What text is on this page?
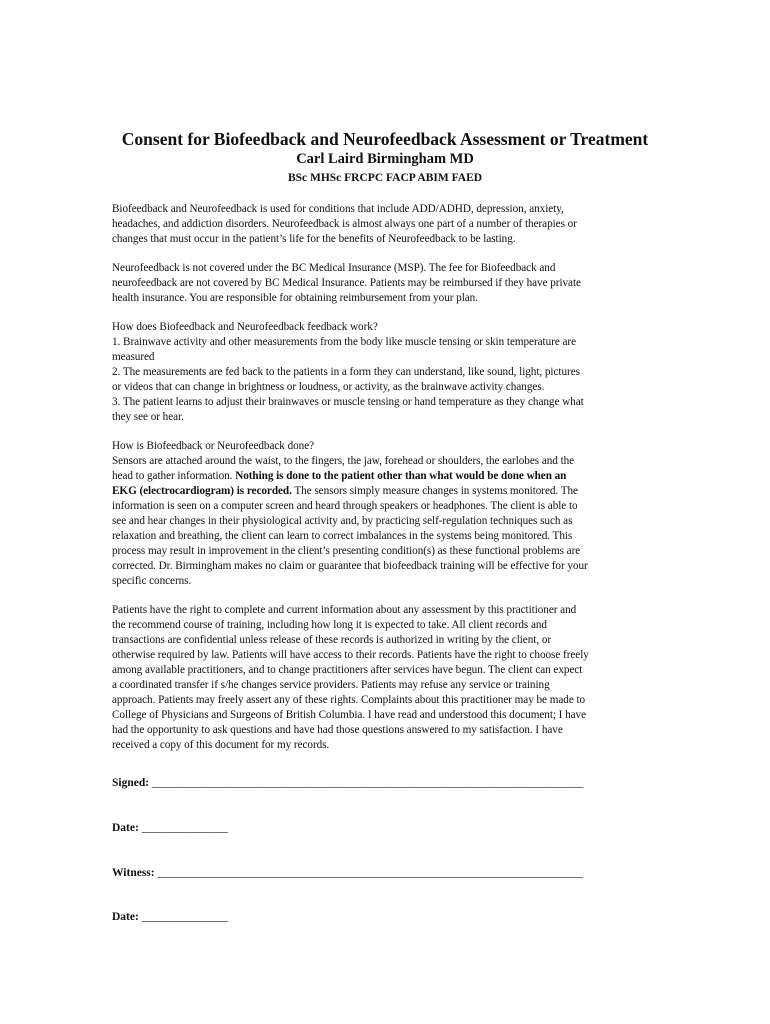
Consent for Biofeedback and Neurofeedback Assessment or Treatment
Carl Laird Birmingham MD
BSc MHSc FRCPC FACP ABIM FAED

Biofeedback and Neurofeedback is used for conditions that include ADD/ADHD, depression, anxiety,
headaches, and addiction disorders. Neurofeedback is almost always one part of a number of therapies or
changes that must occur in the patient’s life for the benefits of Neurofeedback to be lasting.

Neurofeedback is not covered under the BC Medical Insurance (MSP). The fee for Biofeedback and
neurofeedback are not covered by BC Medical Insurance. Patients may be reimbursed if they have private
health insurance. You are responsible for obtaining reimbursement from your plan.

How does Biofeedback and Neurofeedback feedback work?
1. Brainwave activity and other measurements from the body like muscle tensing or skin temperature are
measured
2. The measurements are fed back to the patients in a form they can understand, like sound, light, pictures
or videos that can change in brightness or loudness, or activity, as the brainwave activity changes.
3. The patient learns to adjust their brainwaves or muscle tensing or hand temperature as they change what
they see or hear.

How is Biofeedback or Neurofeedback done?
Sensors are attached around the waist, to the fingers, the jaw, forehead or shoulders, the earlobes and the
head to gather information. Nothing is done to the patient other than what would be done when an
EKG (electrocardiogram) is recorded. The sensors simply measure changes in systems monitored. The
information is seen on a computer screen and heard through speakers or headphones. The client is able to
see and hear changes in their physiological activity and, by practicing self-regulation techniques such as
relaxation and breathing, the client can learn to correct imbalances in the systems being monitored. This
process may result in improvement in the client’s presenting condition(s) as these functional problems are
corrected. Dr. Birmingham makes no claim or guarantee that biofeedback training will be effective for your
specific concerns.

Patients have the right to complete and current information about any assessment by this practitioner and
the recommend course of training, including how long it is expected to take. All client records and
transactions are confidential unless release of these records is authorized in writing by the client, or
otherwise required by law. Patients will have access to their records. Patients have the right to choose freely
among available practitioners, and to change practitioners after services have begun. The client can expect
a coordinated transfer if s/he changes service providers. Patients may refuse any service or training
approach. Patients may freely assert any of these rights. Complaints about this practitioner may be made to
College of Physicians and Surgeons of British Columbia. I have read and understood this document; I have
had the opportunity to ask questions and have had those questions answered to my satisfaction. I have
received a copy of this document for my records.

Signed: ___________________________________________________________________________
Date: _______________
Witness: __________________________________________________________________________
Date: _______________
